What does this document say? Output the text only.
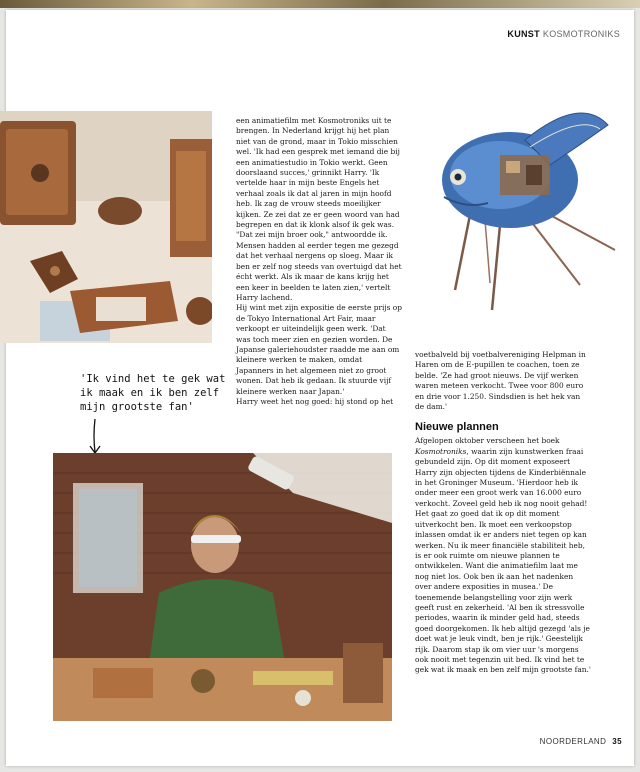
KUNST KOSMOTRONIKS

een animatiefilm met Kosmotroniks uit te brengen. In Nederland krijgt hij het plan niet van de grond, maar in Tokio misschien wel. 'Ik had een gesprek met iemand die bij een animatiestudio in Tokio werkt. Geen doorslaand succes,' grinnikt Harry. 'Ik vertelde haar in mijn beste Engels het verhaal zoals ik dat al jaren in mijn hoofd heb. Ik zag de vrouw steeds moeilijker kijken. Ze zei dat ze er geen woord van had begrepen en dat ik klonk alsof ik gek was. "Dat zei mijn broer ook," antwoordde ik. Mensen hadden al eerder tegen me gezegd dat het verhaal nergens op sloeg. Maar ik ben er zelf nog steeds van overtuigd dat het écht werkt. Als ik maar de kans krijg het een keer in beelden te laten zien,' vertelt Harry lachend.

Hij wint met zijn expositie de eerste prijs op de Tokyo International Art Fair, maar verkoopt er uiteindelijk geen werk. 'Dat was toch meer zien en gezien worden. De Japanse galeriehoudster raadde me aan om kleinere werken te maken, omdat Japanners in het algemeen niet zo groot wonen. Dat heb ik gedaan. Ik stuurde vijf kleinere werken naar Japan.'

Harry weet het nog goed: hij stond op het

'Ik vind het te gek wat ik maak en ik ben zelf mijn grootste fan'

voetbalveld bij voetbalvereniging Helpman in Haren om de E-pupillen te coachen, toen ze belde. 'Ze had groot nieuws. De vijf werken waren meteen verkocht. Twee voor 800 euro en drie voor 1.250. Sindsdien is het hek van de dam.'

Nieuwe plannen

Afgelopen oktober verscheen het boek Kosmotroniks, waarin zijn kunstwerken fraai gebundeld zijn. Op dit moment exposeert Harry zijn objecten tijdens de Kinderbiënnale in het Groninger Museum. 'Hierdoor heb ik onder meer een groot werk van 16.000 euro verkocht. Zoveel geld heb ik nog nooit gehad! Het gaat zo goed dat ik op dit moment uitverkocht ben. Ik moet een verkoopstop inlassen omdat ik er anders niet tegen op kan werken. Nu ik meer financiële stabiliteit heb, is er ook ruimte om nieuwe plannen te ontwikkelen. Want die animatiefilm laat me nog niet los. Ook ben ik aan het nadenken over andere exposities in musea.' De toenemende belangstelling voor zijn werk geeft rust en zekerheid. 'Al ben ik stressvolle periodes, waarin ik minder geld had, steeds goed doorgekomen. Ik heb altijd gezegd 'als je doet wat je leuk vindt, ben je rijk.' Geestelijk rijk. Daarom stap ik om vier uur 's morgens ook nooit met tegenzin uit bed. Ik vind het te gek wat ik maak en ben zelf mijn grootste fan.'

NOORDERLAND 35
